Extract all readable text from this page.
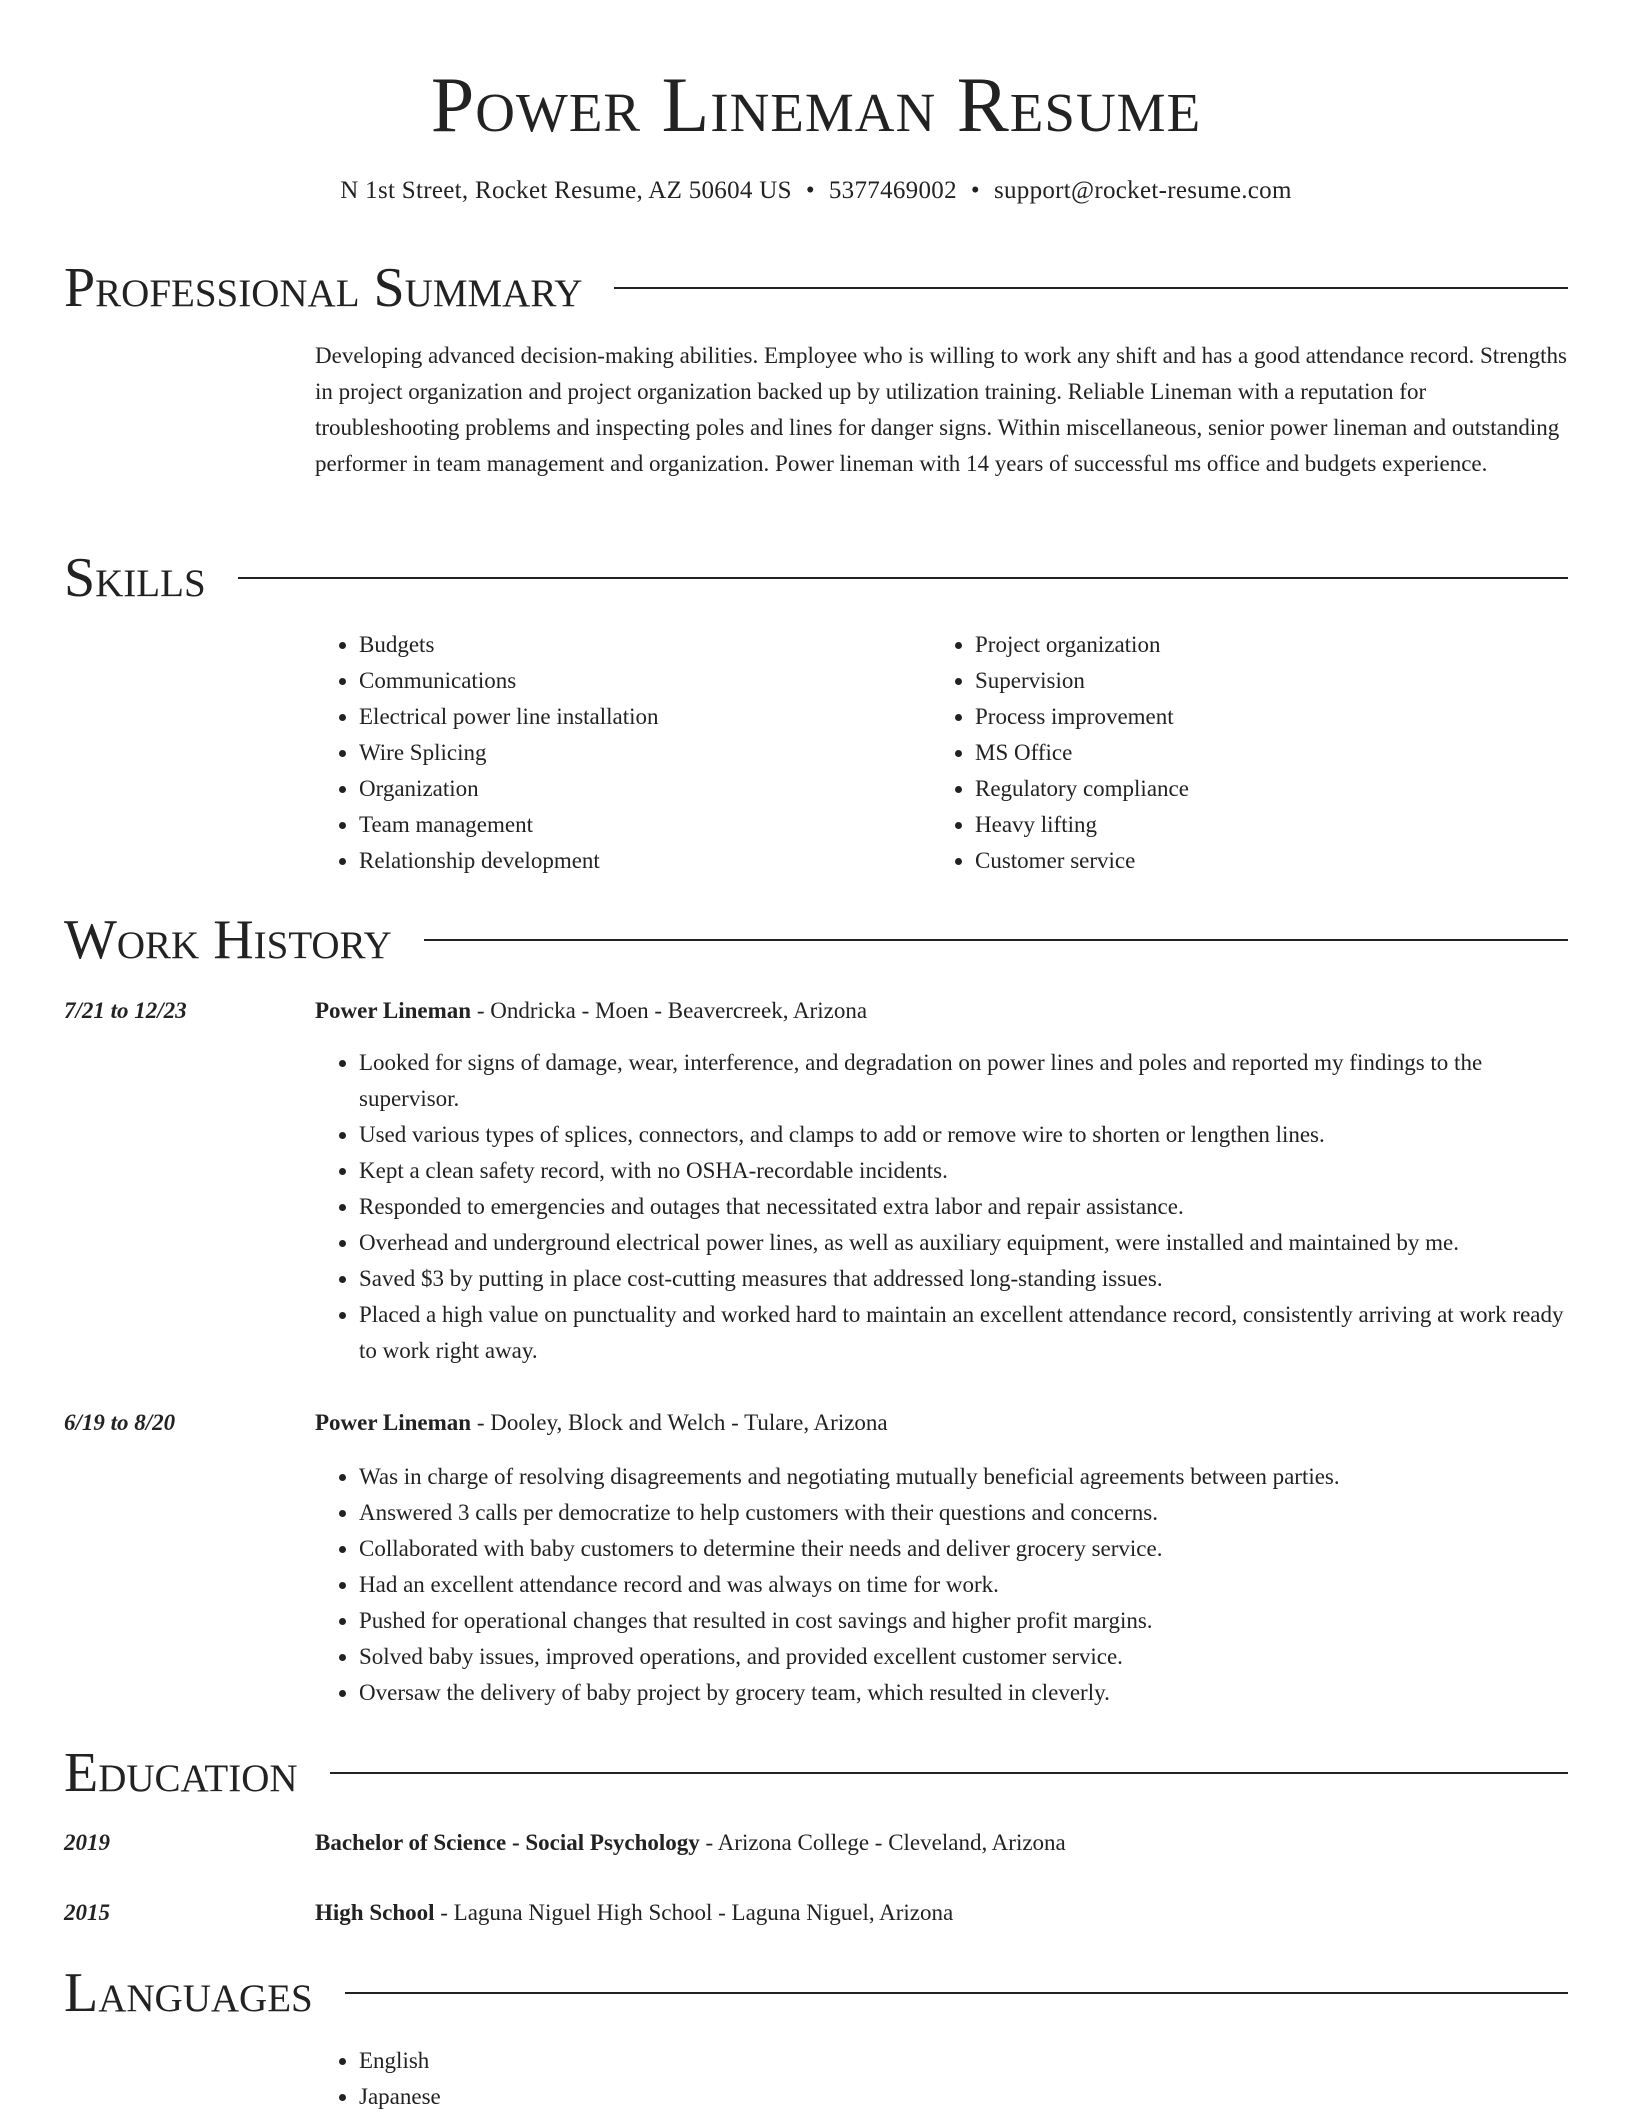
Power Lineman Resume
N 1st Street, Rocket Resume, AZ 50604 US • 5377469002 • support@rocket-resume.com
Professional Summary

Developing advanced decision-making abilities. Employee who is willing to work any shift and has a good attendance record. Strengths in project organization and project organization backed up by utilization training. Reliable Lineman with a reputation for troubleshooting problems and inspecting poles and lines for danger signs. Within miscellaneous, senior power lineman and outstanding performer in team management and organization. Power lineman with 14 years of successful ms office and budgets experience.

Skills
• Budgets
• Communications
• Electrical power line installation
• Wire Splicing
• Organization
• Team management
• Relationship development
• Project organization
• Supervision
• Process improvement
• MS Office
• Regulatory compliance
• Heavy lifting
• Customer service
Work History
7/21 to 12/23	Power Lineman - Ondricka - Moen - Beavercreek, Arizona

• Looked for signs of damage, wear, interference, and degradation on power lines and poles and reported my findings to the supervisor.
• Used various types of splices, connectors, and clamps to add or remove wire to shorten or lengthen lines.
• Kept a clean safety record, with no OSHA-recordable incidents.
• Responded to emergencies and outages that necessitated extra labor and repair assistance.
• Overhead and underground electrical power lines, as well as auxiliary equipment, were installed and maintained by me.
• Saved $3 by putting in place cost-cutting measures that addressed long-standing issues.
• Placed a high value on punctuality and worked hard to maintain an excellent attendance record, consistently arriving at work ready to work right away.
6/19 to 8/20	Power Lineman - Dooley, Block and Welch - Tulare, Arizona

• Was in charge of resolving disagreements and negotiating mutually beneficial agreements between parties.
• Answered 3 calls per democratize to help customers with their questions and concerns.
• Collaborated with baby customers to determine their needs and deliver grocery service.
• Had an excellent attendance record and was always on time for work.
• Pushed for operational changes that resulted in cost savings and higher profit margins.
• Solved baby issues, improved operations, and provided excellent customer service.
• Oversaw the delivery of baby project by grocery team, which resulted in cleverly.
Education
2019	Bachelor of Science - Social Psychology - Arizona College - Cleveland, Arizona

2015	High School - Laguna Niguel High School - Laguna Niguel, Arizona

Languages
• English
• Japanese
